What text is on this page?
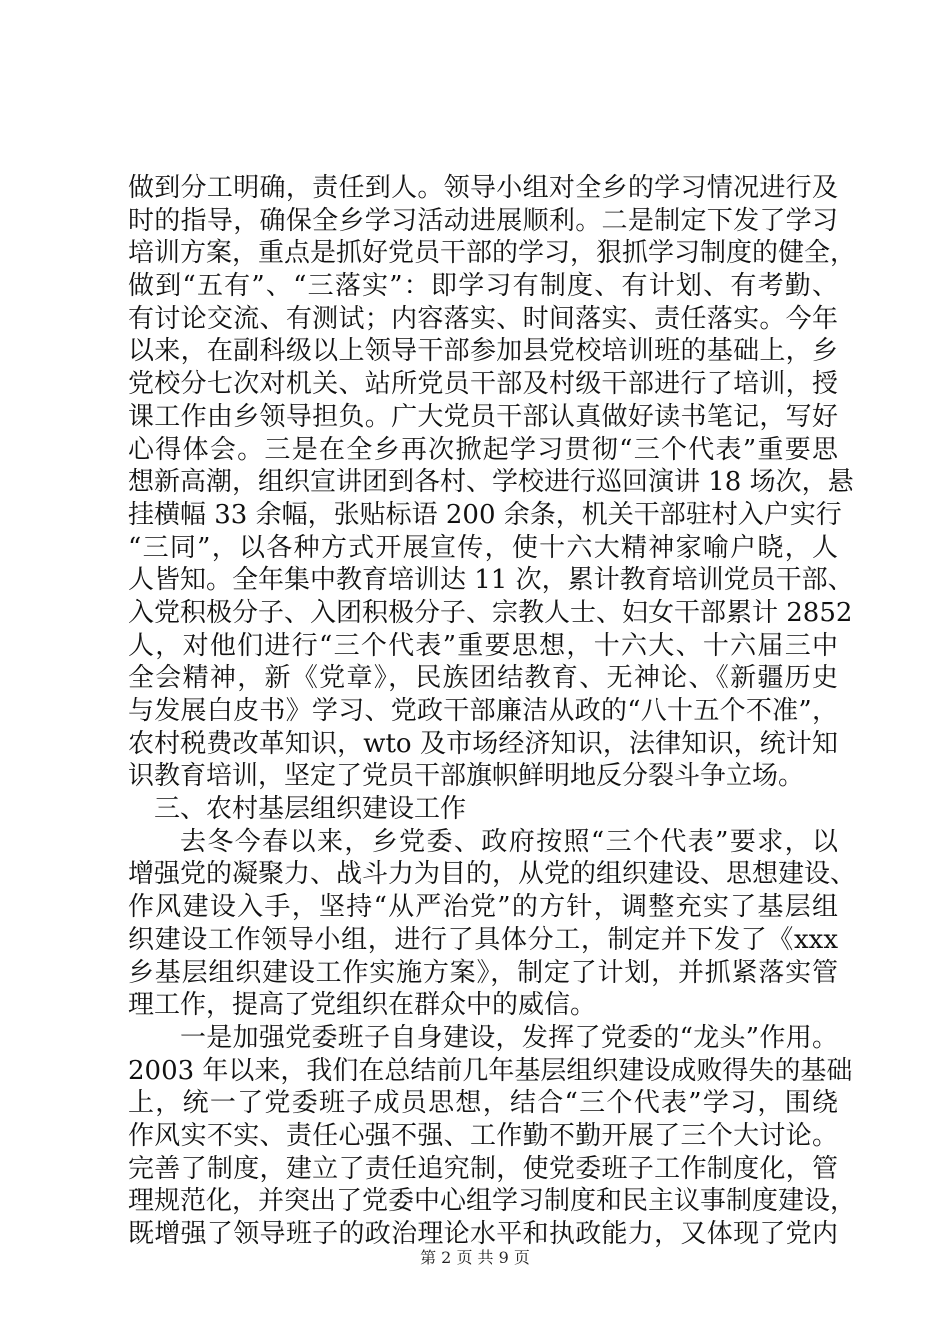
做到分工明确，责任到人。领导小组对全乡的学习情况进行及
时的指导，确保全乡学习活动进展顺利。二是制定下发了学习
培训方案，重点是抓好党员干部的学习，狠抓学习制度的健全，
做到“五有”、“三落实”：即学习有制度、有计划、有考勤、
有讨论交流、有测试；内容落实、时间落实、责任落实。今年
以来，在副科级以上领导干部参加县党校培训班的基础上，乡
党校分七次对机关、站所党员干部及村级干部进行了培训，授
课工作由乡领导担负。广大党员干部认真做好读书笔记，写好
心得体会。三是在全乡再次掀起学习贯彻“三个代表”重要思
想新高潮，组织宣讲团到各村、学校进行巡回演讲 18 场次，悬
挂横幅 33 余幅，张贴标语 200 余条，机关干部驻村入户实行
“三同”，以各种方式开展宣传，使十六大精神家喻户晓，人
人皆知。全年集中教育培训达 11 次，累计教育培训党员干部、
入党积极分子、入团积极分子、宗教人士、妇女干部累计 2852
人，对他们进行“三个代表”重要思想，十六大、十六届三中
全会精神，新《党章》，民族团结教育、无神论、《新疆历史
与发展白皮书》学习、党政干部廉洁从政的“八十五个不准”，
农村税费改革知识，wto 及市场经济知识，法律知识，统计知
识教育培训，坚定了党员干部旗帜鲜明地反分裂斗争立场。
三、农村基层组织建设工作
去冬今春以来，乡党委、政府按照“三个代表”要求，以
增强党的凝聚力、战斗力为目的，从党的组织建设、思想建设、
作风建设入手，坚持“从严治党”的方针，调整充实了基层组
织建设工作领导小组，进行了具体分工，制定并下发了《xxx
乡基层组织建设工作实施方案》，制定了计划，并抓紧落实管
理工作，提高了党组织在群众中的威信。
一是加强党委班子自身建设，发挥了党委的“龙头”作用。
2003 年以来，我们在总结前几年基层组织建设成败得失的基础
上，统一了党委班子成员思想，结合“三个代表”学习，围绕
作风实不实、责任心强不强、工作勤不勤开展了三个大讨论。
完善了制度，建立了责任追究制，使党委班子工作制度化，管
理规范化，并突出了党委中心组学习制度和民主议事制度建设，
既增强了领导班子的政治理论水平和执政能力，又体现了党内
第 2 页 共 9 页
